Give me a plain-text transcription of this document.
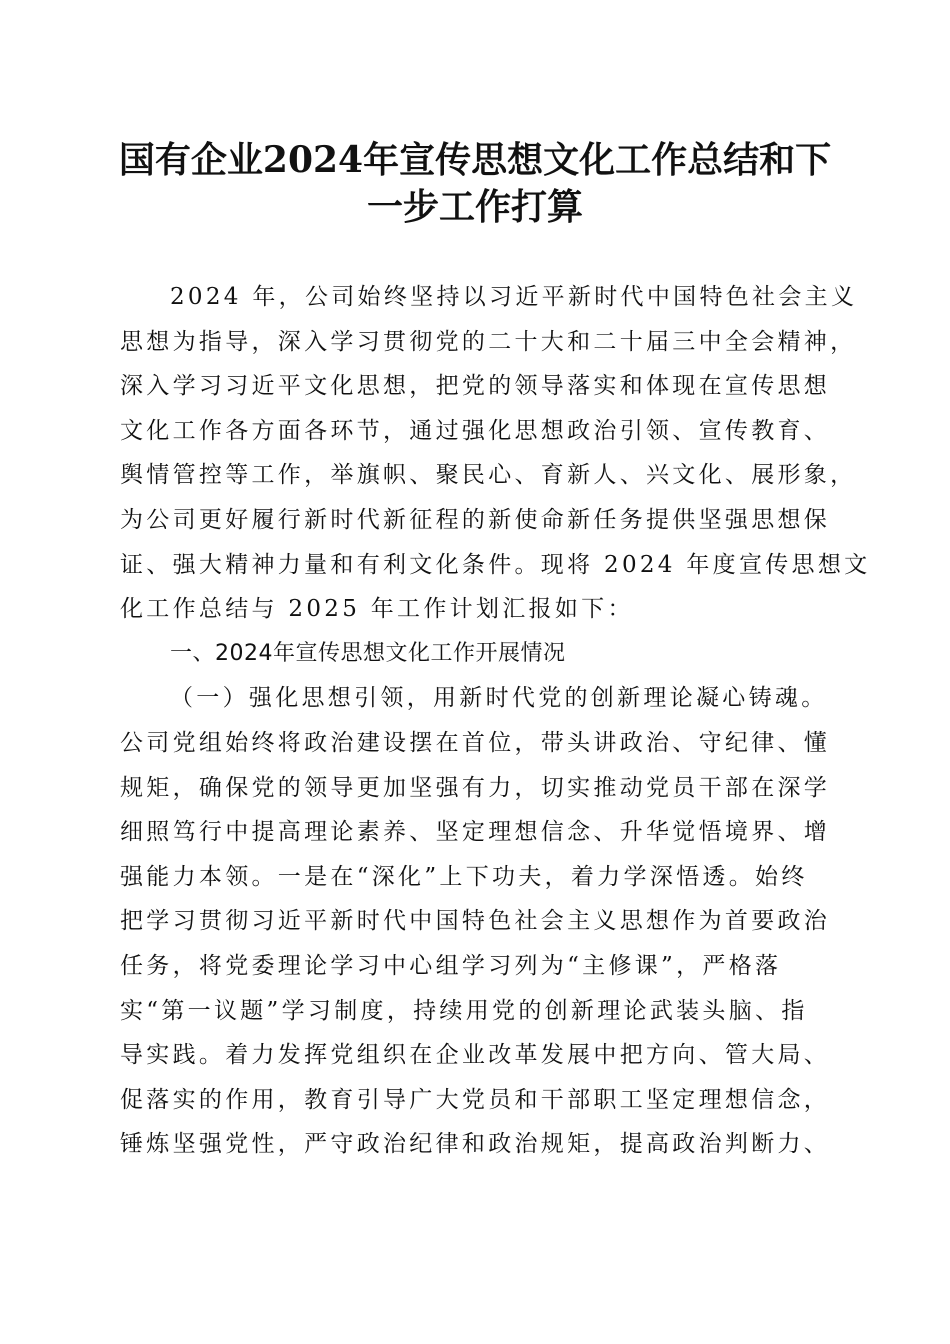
国有企业2024年宣传思想文化工作总结和下
一步工作打算
2024 年，公司始终坚持以习近平新时代中国特色社会主义
思想为指导，深入学习贯彻党的二十大和二十届三中全会精神，
深入学习习近平文化思想，把党的领导落实和体现在宣传思想
文化工作各方面各环节，通过强化思想政治引领、宣传教育、
舆情管控等工作，举旗帜、聚民心、育新人、兴文化、展形象，
为公司更好履行新时代新征程的新使命新任务提供坚强思想保
证、强大精神力量和有利文化条件。现将 2024 年度宣传思想文
化工作总结与 2025 年工作计划汇报如下：
一、2024年宣传思想文化工作开展情况
（一）强化思想引领，用新时代党的创新理论凝心铸魂。
公司党组始终将政治建设摆在首位，带头讲政治、守纪律、懂
规矩，确保党的领导更加坚强有力，切实推动党员干部在深学
细照笃行中提高理论素养、坚定理想信念、升华觉悟境界、增
强能力本领。一是在“深化”上下功夫，着力学深悟透。始终
把学习贯彻习近平新时代中国特色社会主义思想作为首要政治
任务，将党委理论学习中心组学习列为“主修课”，严格落
实“第一议题”学习制度，持续用党的创新理论武装头脑、指
导实践。着力发挥党组织在企业改革发展中把方向、管大局、
促落实的作用，教育引导广大党员和干部职工坚定理想信念，
锤炼坚强党性，严守政治纪律和政治规矩，提高政治判断力、
